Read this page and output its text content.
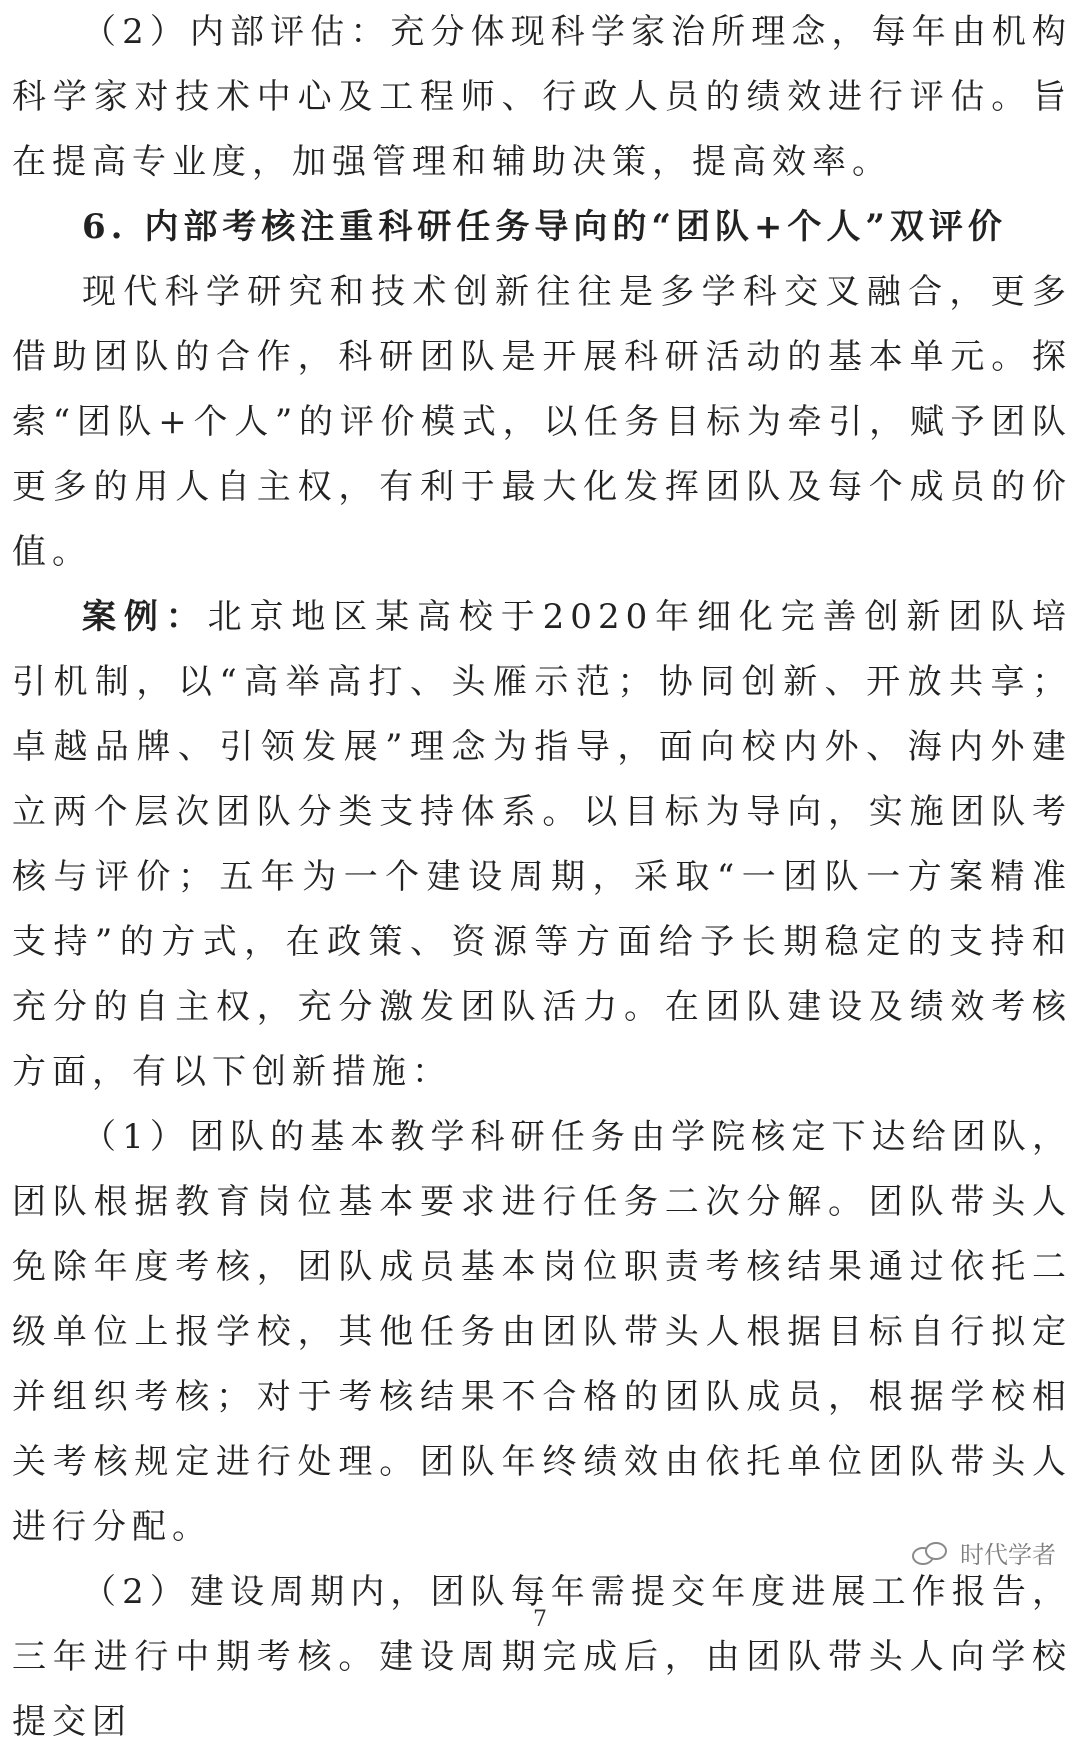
（2）内部评估：充分体现科学家治所理念，每年由机构科学家对技术中心及工程师、行政人员的绩效进行评估。旨在提高专业度，加强管理和辅助决策，提高效率。

6. 内部考核注重科研任务导向的“团队+个人”双评价

现代科学研究和技术创新往往是多学科交叉融合，更多借助团队的合作，科研团队是开展科研活动的基本单元。探索“团队+个人”的评价模式，以任务目标为牵引，赋予团队更多的用人自主权，有利于最大化发挥团队及每个成员的价值。

案例：北京地区某高校于2020年细化完善创新团队培引机制，以“高举高打、头雁示范；协同创新、开放共享；卓越品牌、引领发展”理念为指导，面向校内外、海内外建立两个层次团队分类支持体系。以目标为导向，实施团队考核与评价；五年为一个建设周期，采取“一团队一方案精准支持”的方式，在政策、资源等方面给予长期稳定的支持和充分的自主权，充分激发团队活力。在团队建设及绩效考核方面，有以下创新措施：

（1）团队的基本教学科研任务由学院核定下达给团队，团队根据教育岗位基本要求进行任务二次分解。团队带头人免除年度考核，团队成员基本岗位职责考核结果通过依托二级单位上报学校，其他任务由团队带头人根据目标自行拟定并组织考核；对于考核结果不合格的团队成员，根据学校相关考核规定进行处理。团队年终绩效由依托单位团队带头人进行分配。

（2）建设周期内，团队每年需提交年度进展工作报告，三年进行中期考核。建设周期完成后，由团队带头人向学校提交团

时代学者
7
